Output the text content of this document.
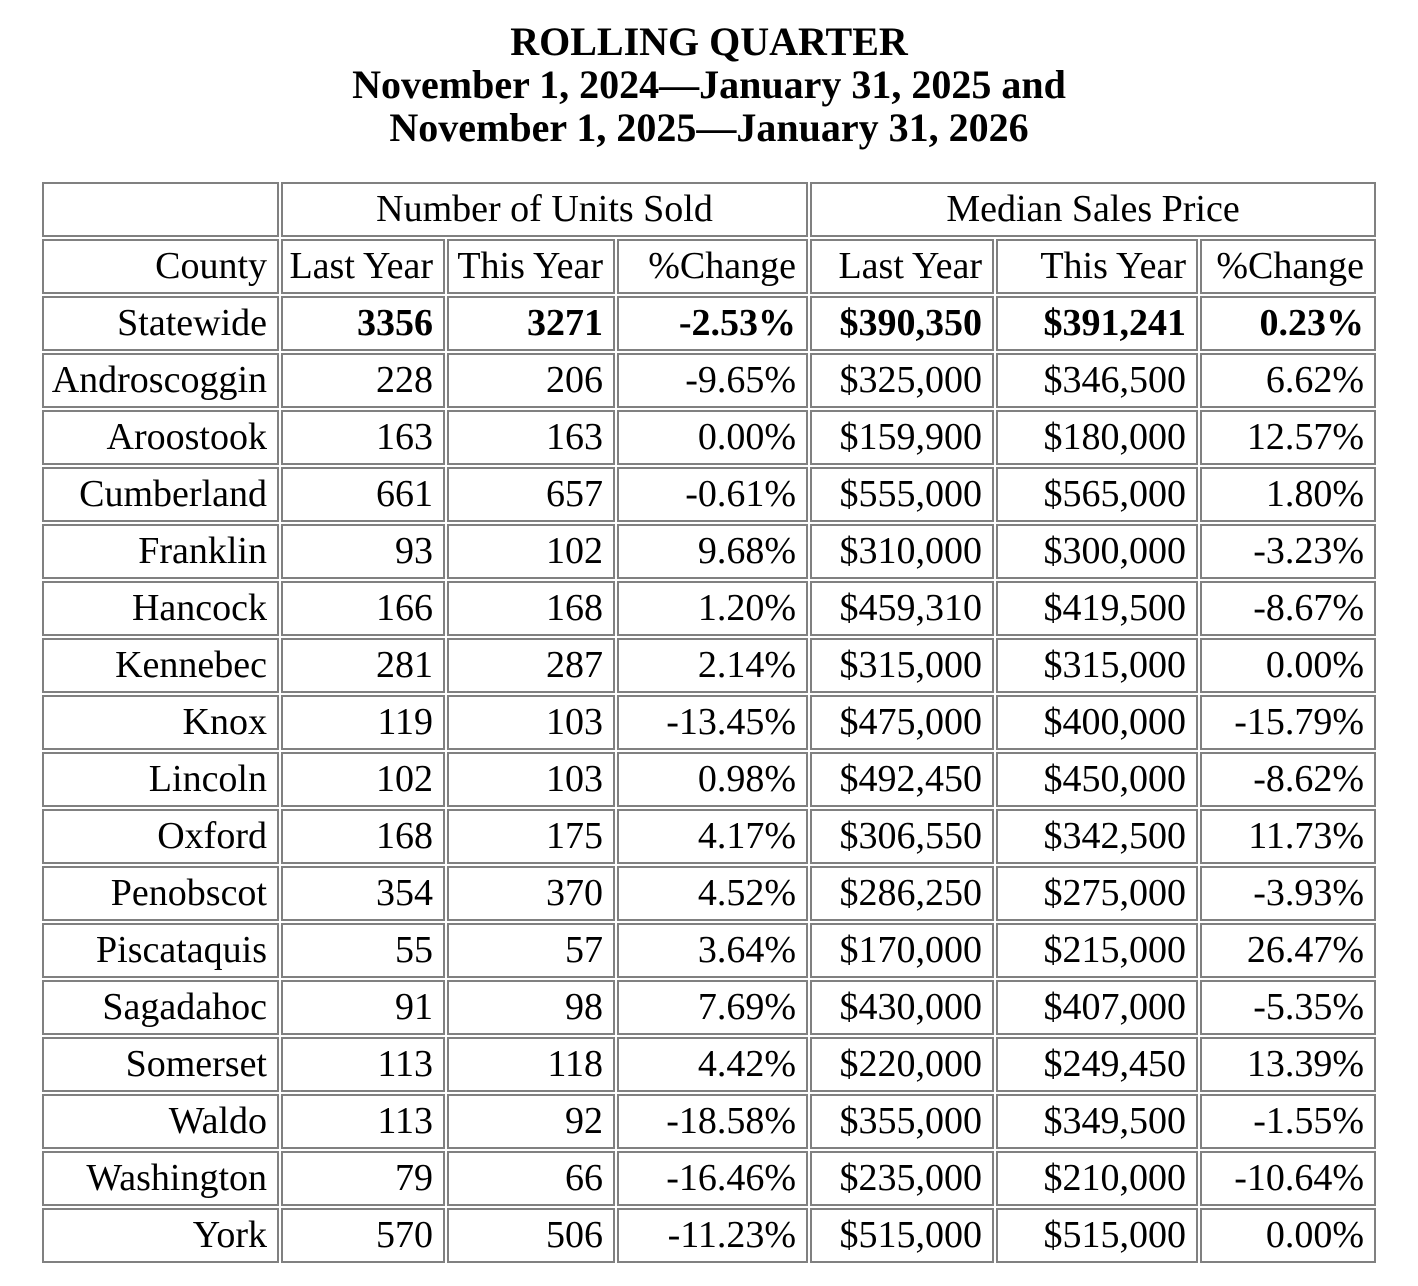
ROLLING QUARTER
November 1, 2024—January 31, 2025 and
November 1, 2025—January 31, 2026
	Number of Units Sold			Median Sales Price		
County	Last Year	This Year	%Change	Last Year	This Year	%Change
Statewide	3356	3271	-2.53%	$390,350	$391,241	0.23%
Androscoggin	228	206	-9.65%	$325,000	$346,500	6.62%
Aroostook	163	163	0.00%	$159,900	$180,000	12.57%
Cumberland	661	657	-0.61%	$555,000	$565,000	1.80%
Franklin	93	102	9.68%	$310,000	$300,000	-3.23%
Hancock	166	168	1.20%	$459,310	$419,500	-8.67%
Kennebec	281	287	2.14%	$315,000	$315,000	0.00%
Knox	119	103	-13.45%	$475,000	$400,000	-15.79%
Lincoln	102	103	0.98%	$492,450	$450,000	-8.62%
Oxford	168	175	4.17%	$306,550	$342,500	11.73%
Penobscot	354	370	4.52%	$286,250	$275,000	-3.93%
Piscataquis	55	57	3.64%	$170,000	$215,000	26.47%
Sagadahoc	91	98	7.69%	$430,000	$407,000	-5.35%
Somerset	113	118	4.42%	$220,000	$249,450	13.39%
Waldo	113	92	-18.58%	$355,000	$349,500	-1.55%
Washington	79	66	-16.46%	$235,000	$210,000	-10.64%
York	570	506	-11.23%	$515,000	$515,000	0.00%
